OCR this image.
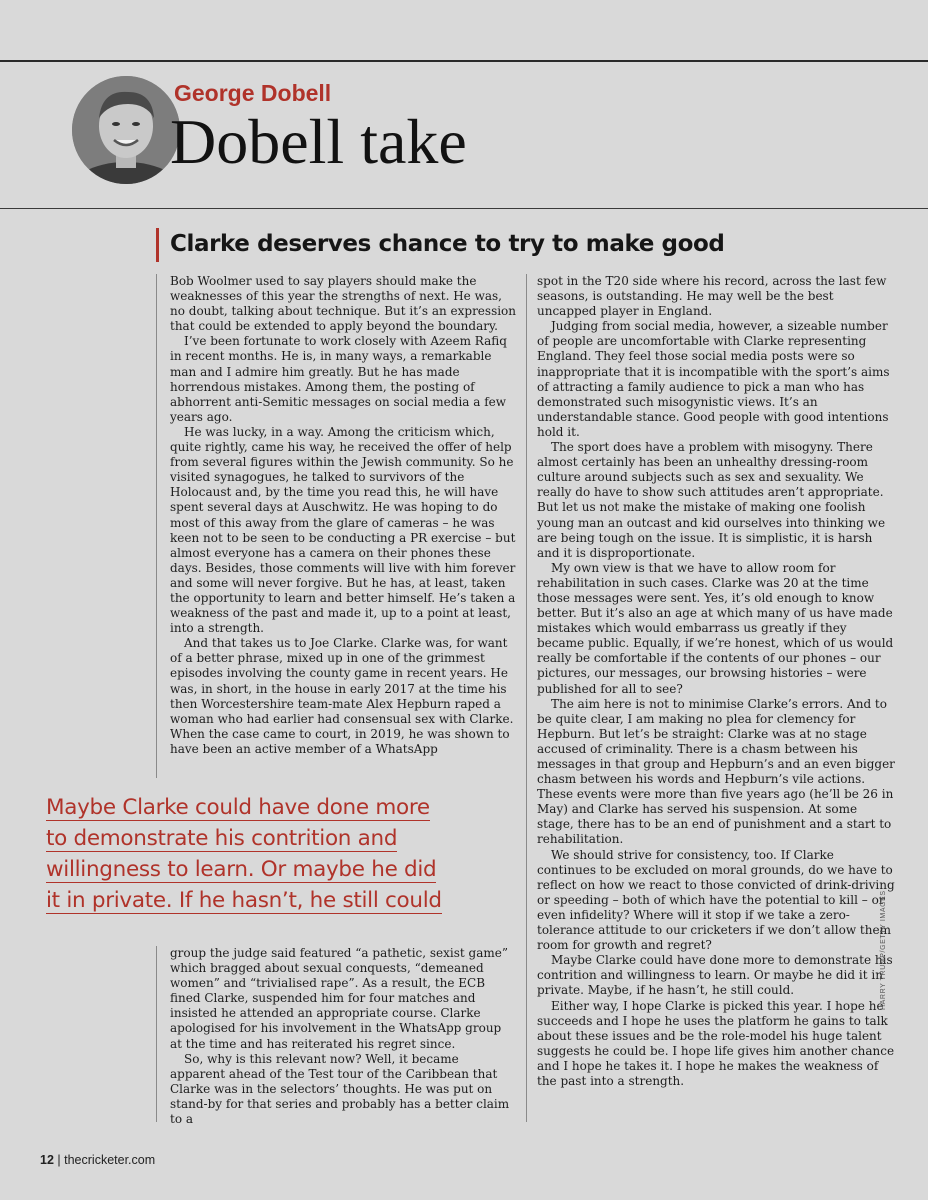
George Dobell
Dobell take
Clarke deserves chance to try to make good

Bob Woolmer used to say players should make the weaknesses of this year the strengths of next. He was, no doubt, talking about technique. But it’s an expression that could be extended to apply beyond the boundary.

I’ve been fortunate to work closely with Azeem Rafiq in recent months. He is, in many ways, a remarkable man and I admire him greatly. But he has made horrendous mistakes. Among them, the posting of abhorrent anti-Semitic messages on social media a few years ago.

He was lucky, in a way. Among the criticism which, quite rightly, came his way, he received the offer of help from several figures within the Jewish community. So he visited synagogues, he talked to survivors of the Holocaust and, by the time you read this, he will have spent several days at Auschwitz. He was hoping to do most of this away from the glare of cameras – he was keen not to be seen to be conducting a PR exercise – but almost everyone has a camera on their phones these days. Besides, those comments will live with him forever and some will never forgive. But he has, at least, taken the opportunity to learn and better himself. He’s taken a weakness of the past and made it, up to a point at least, into a strength.

And that takes us to Joe Clarke. Clarke was, for want of a better phrase, mixed up in one of the grimmest episodes involving the county game in recent years. He was, in short, in the house in early 2017 at the time his then Worcestershire team-mate Alex Hepburn raped a woman who had earlier had consensual sex with Clarke. When the case came to court, in 2019, he was shown to have been an active member of a WhatsApp

Maybe Clarke could have done more
to demonstrate his contrition and
willingness to learn. Or maybe he did
it in private. If he hasn’t, he still could

group the judge said featured “a pathetic, sexist game” which bragged about sexual conquests, “demeaned women” and “trivialised rape”. As a result, the ECB fined Clarke, suspended him for four matches and insisted he attended an appropriate course. Clarke apologised for his involvement in the WhatsApp group at the time and has reiterated his regret since.

So, why is this relevant now? Well, it became apparent ahead of the Test tour of the Caribbean that Clarke was in the selectors’ thoughts. He was put on stand-by for that series and probably has a better claim to a

spot in the T20 side where his record, across the last few seasons, is outstanding. He may well be the best uncapped player in England.

Judging from social media, however, a sizeable number of people are uncomfortable with Clarke representing England. They feel those social media posts were so inappropriate that it is incompatible with the sport’s aims of attracting a family audience to pick a man who has demonstrated such misogynistic views. It’s an understandable stance. Good people with good intentions hold it.

The sport does have a problem with misogyny. There almost certainly has been an unhealthy dressing-room culture around subjects such as sex and sexuality. We really do have to show such attitudes aren’t appropriate. But let us not make the mistake of making one foolish young man an outcast and kid ourselves into thinking we are being tough on the issue. It is simplistic, it is harsh and it is disproportionate.

My own view is that we have to allow room for rehabilitation in such cases. Clarke was 20 at the time those messages were sent. Yes, it’s old enough to know better. But it’s also an age at which many of us have made mistakes which would embarrass us greatly if they became public. Equally, if we’re honest, which of us would really be comfortable if the contents of our phones – our pictures, our messages, our browsing histories – were published for all to see?

The aim here is not to minimise Clarke’s errors. And to be quite clear, I am making no plea for clemency for Hepburn. But let’s be straight: Clarke was at no stage accused of criminality. There is a chasm between his messages in that group and Hepburn’s and an even bigger chasm between his words and Hepburn’s vile actions. These events were more than five years ago (he’ll be 26 in May) and Clarke has served his suspension. At some stage, there has to be an end of punishment and a start to rehabilitation.

We should strive for consistency, too. If Clarke continues to be excluded on moral grounds, do we have to reflect on how we react to those convicted of drink-driving or speeding – both of which have the potential to kill – or even infidelity? Where will it stop if we take a zero-tolerance attitude to our cricketers if we don’t allow them room for growth and regret?

Maybe Clarke could have done more to demonstrate his contrition and willingness to learn. Or maybe he did it in private. Maybe, if he hasn’t, he still could.

Either way, I hope Clarke is picked this year. I hope he succeeds and I hope he uses the platform he gains to talk about these issues and be the role-model his huge talent suggests he could be. I hope life gives him another chance and I hope he takes it. I hope he makes the weakness of the past into a strength.

HARRY TRUMP/GETTY IMAGES
12 | thecricketer.com
